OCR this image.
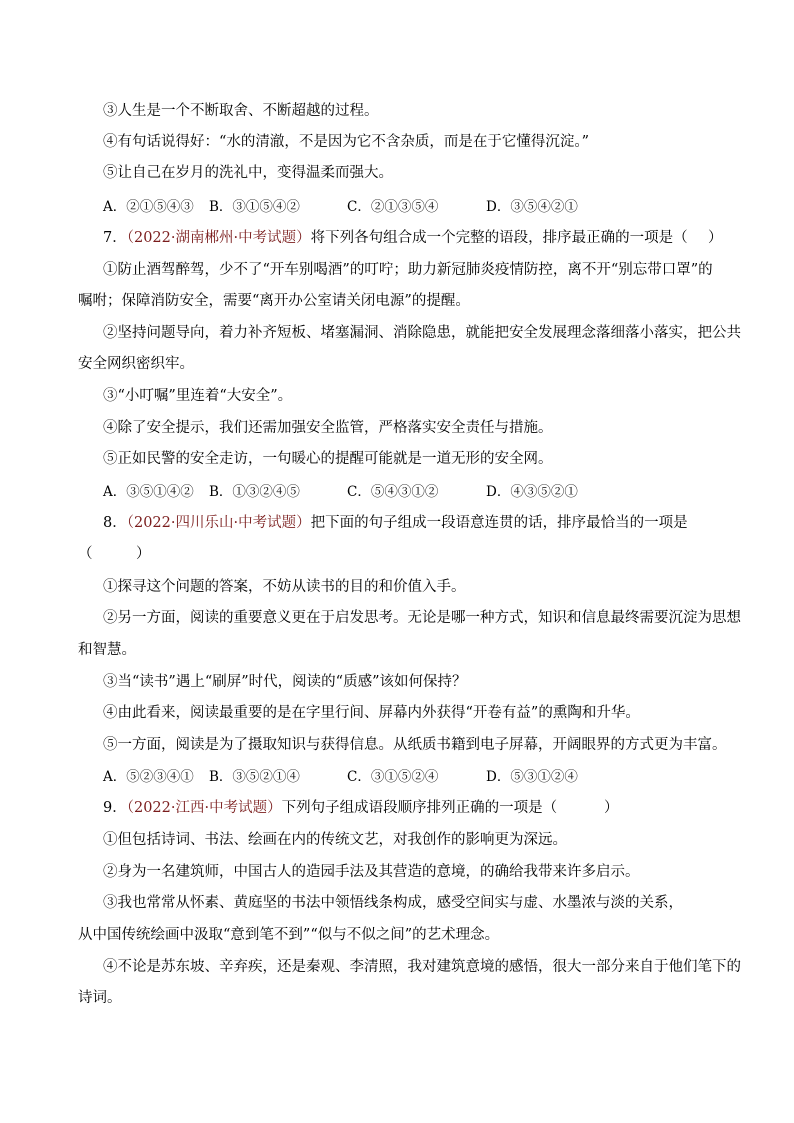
③人生是一个不断取舍、不断超越的过程。
④有句话说得好：“水的清澈，不是因为它不含杂质，而是在于它懂得沉淀。”
⑤让自己在岁月的洗礼中，变得温柔而强大。
A．②①⑤④③ B．③①⑤④②	C．②①③⑤④	D．③⑤④②①
7．（2022·湖南郴州·中考试题）将下列各句组合成一个完整的语段，排序最正确的一项是（ ）
①防止酒驾醉驾，少不了“开车别喝酒”的叮咛；助力新冠肺炎疫情防控，离不开“别忘带口罩”的
嘱咐；保障消防安全，需要“离开办公室请关闭电源”的提醒。
②坚持问题导向，着力补齐短板、堵塞漏洞、消除隐患，就能把安全发展理念落细落小落实，把公共
安全网织密织牢。
③“小叮嘱”里连着“大安全”。
④除了安全提示，我们还需加强安全监管，严格落实安全责任与措施。
⑤正如民警的安全走访，一句暖心的提醒可能就是一道无形的安全网。
A．③⑤①④② B．①③②④⑤	C．⑤④③①②	D．④③⑤②①
8．（2022·四川乐山·中考试题）把下面的句子组成一段语意连贯的话，排序最恰当的一项是
（　　　）
①探寻这个问题的答案，不妨从读书的目的和价值入手。
②另一方面，阅读的重要意义更在于启发思考。无论是哪一种方式，知识和信息最终需要沉淀为思想
和智慧。
③当“读书”遇上“刷屏”时代，阅读的“质感”该如何保持？
④由此看来，阅读最重要的是在字里行间、屏幕内外获得“开卷有益”的熏陶和升华。
⑤一方面，阅读是为了摄取知识与获得信息。从纸质书籍到电子屏幕，开阔眼界的方式更为丰富。
A．⑤②③④① B．③⑤②①④	C．③①⑤②④	D．⑤③①②④
9．（2022·江西·中考试题）下列句子组成语段顺序排列正确的一项是（	）
①但包括诗词、书法、绘画在内的传统文艺，对我创作的影响更为深远。
②身为一名建筑师，中国古人的造园手法及其营造的意境，的确给我带来许多启示。
③我也常常从怀素、黄庭坚的书法中领悟线条构成，感受空间实与虚、水墨浓与淡的关系，
从中国传统绘画中汲取“意到笔不到”“似与不似之间”的艺术理念。
④不论是苏东坡、辛弃疾，还是秦观、李清照，我对建筑意境的感悟，很大一部分来自于他们笔下的
诗词。
